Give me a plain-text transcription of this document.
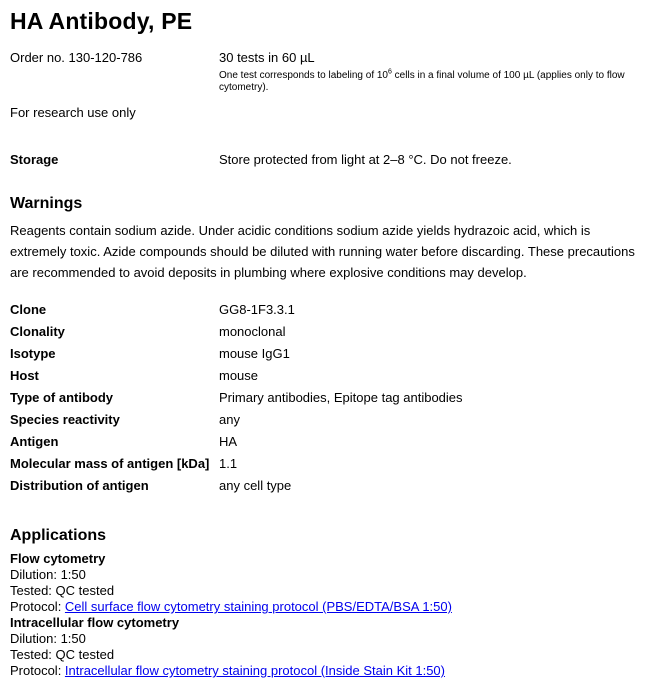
HA Antibody, PE
Order no. 130-120-786	30 tests in 60 µL
One test corresponds to labeling of $10^6$ cells in a final volume of 100 µL (applies only to flow cytometry).
For research use only
Storage	Store protected from light at 2–8 °C. Do not freeze.
Warnings

Reagents contain sodium azide. Under acidic conditions sodium azide yields hydrazoic acid, which is extremely toxic. Azide compounds should be diluted with running water before discarding. These precautions are recommended to avoid deposits in plumbing where explosive conditions may develop.

Clone	GG8-1F3.3.1
Clonality	monoclonal
Isotype	mouse IgG1
Host	mouse
Type of antibody	Primary antibodies, Epitope tag antibodies
Species reactivity	any
Antigen	HA
Molecular mass of antigen [kDa] 1.1
Distribution of antigen	any cell type
Applications
Flow cytometry
Dilution: 1:50
Tested: QC tested
Protocol: Cell surface flow cytometry staining protocol (PBS/EDTA/BSA 1:50)
Intracellular flow cytometry
Dilution: 1:50
Tested: QC tested
Protocol: Intracellular flow cytometry staining protocol (Inside Stain Kit 1:50)
